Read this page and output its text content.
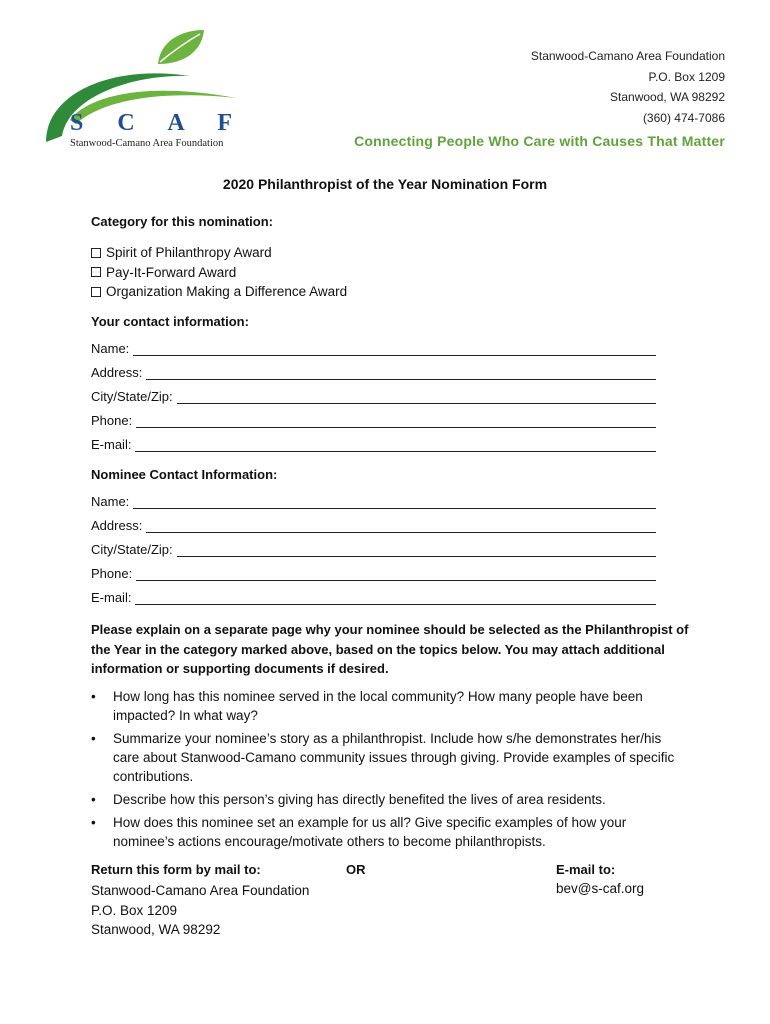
S C A F
Stanwood-Camano Area Foundation
Stanwood-Camano Area Foundation
P.O. Box 1209
Stanwood, WA 98292
(360) 474-7086
Connecting People Who Care with Causes That Matter
2020 Philanthropist of the Year Nomination Form
Category for this nomination:
Spirit of Philanthropy Award
Pay-It-Forward Award
Organization Making a Difference Award
Your contact information:
Name:
Address:
City/State/Zip:
Phone:
E-mail:
Nominee Contact Information:
Name:
Address:
City/State/Zip:
Phone:
E-mail:
Please explain on a separate page why your nominee should be selected as the Philanthropist of the Year in the category marked above, based on the topics below. You may attach additional information or supporting documents if desired.
• How long has this nominee served in the local community? How many people have been impacted? In what way?
• Summarize your nominee’s story as a philanthropist. Include how s/he demonstrates her/his care about Stanwood-Camano community issues through giving. Provide examples of specific contributions.
• Describe how this person’s giving has directly benefited the lives of area residents.
• How does this nominee set an example for us all? Give specific examples of how your nominee’s actions encourage/motivate others to become philanthropists.
Return this form by mail to:
Stanwood-Camano Area Foundation
P.O. Box 1209
Stanwood, WA 98292
OR	E-mail to:
bev@s-caf.org
